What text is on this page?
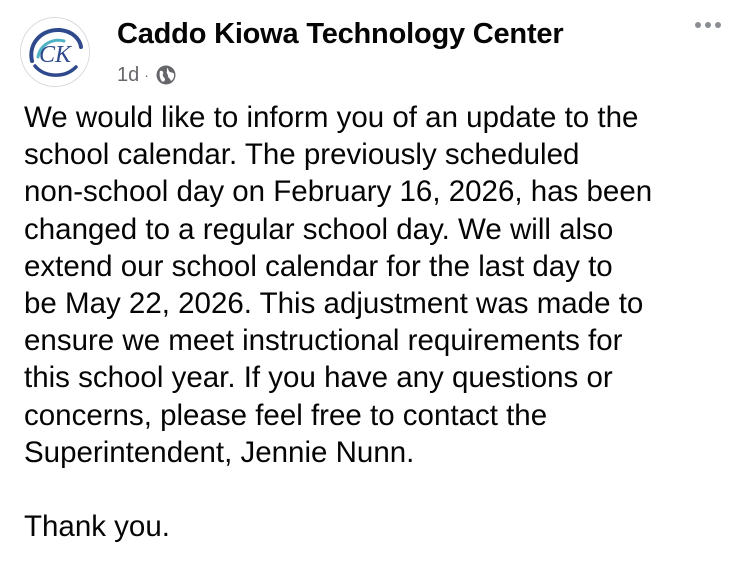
CK
Caddo Kiowa Technology Center
1d ·

We would like to inform you of an update to the

school calendar. The previously scheduled

non-school day on February 16, 2026, has been

changed to a regular school day. We will also

extend our school calendar for the last day to

be May 22, 2026. This adjustment was made to

ensure we meet instructional requirements for

this school year. If you have any questions or

concerns, please feel free to contact the

Superintendent, Jennie Nunn.

Thank you.
